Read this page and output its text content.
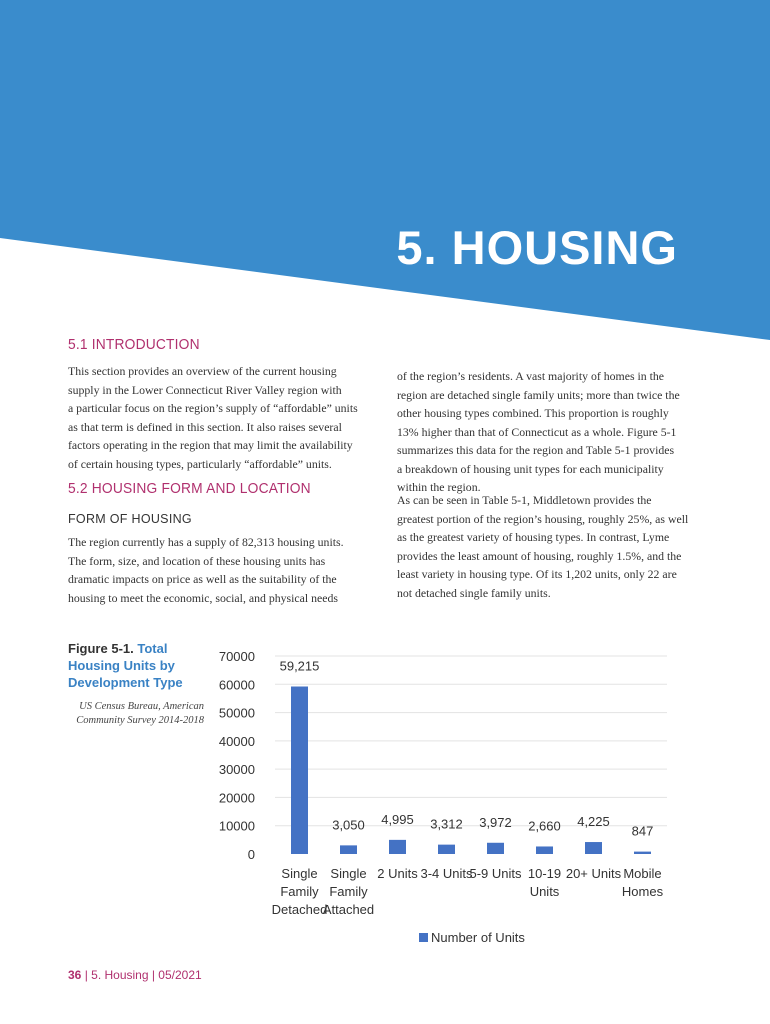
5. HOUSING
5.1 INTRODUCTION
This section provides an overview of the current housing
supply in the Lower Connecticut River Valley region with
a particular focus on the region’s supply of “affordable” units
as that term is defined in this section. It also raises several
factors operating in the region that may limit the availability
of certain housing types, particularly “affordable” units.
5.2 HOUSING FORM AND LOCATION
FORM OF HOUSING
The region currently has a supply of 82,313 housing units.
The form, size, and location of these housing units has
dramatic impacts on price as well as the suitability of the
housing to meet the economic, social, and physical needs
of the region’s residents. A vast majority of homes in the
region are detached single family units; more than twice the
other housing types combined. This proportion is roughly
13% higher than that of Connecticut as a whole. Figure 5-1
summarizes this data for the region and Table 5-1 provides
a breakdown of housing unit types for each municipality
within the region.
As can be seen in Table 5-1, Middletown provides the
greatest portion of the region’s housing, roughly 25%, as well
as the greatest variety of housing types. In contrast, Lyme
provides the least amount of housing, roughly 1.5%, and the
least variety in housing type. Of its 1,202 units, only 22 are
not detached single family units.
Figure 5-1. Total Housing Units by Development Type
US Census Bureau, American Community Survey 2014-2018
0
10000
20000
30000
40000
50000
60000
70000
59,215
3,050 4,995 3,312 3,972 2,660 4,225
847
Single
Family
Detached
Single
Family
Attached
2 Units 3-4 Units
5-9 Units 10-19
Units
20+ Units Mobile
Homes
Number of Units
36 | 5. Housing | 05/2021
